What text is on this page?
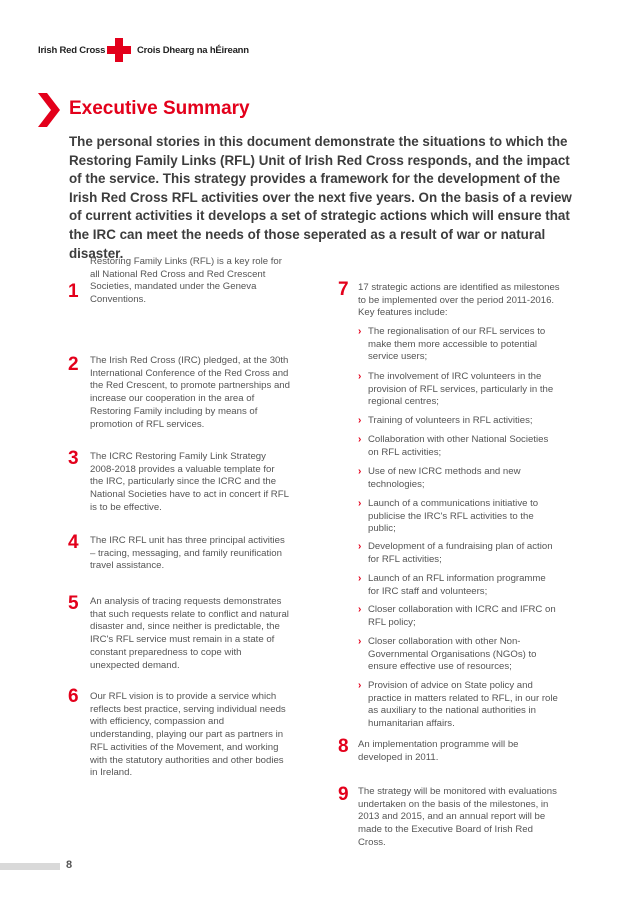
Irish Red Cross	Crois Dhearg na hÉireann
Executive Summary

The personal stories in this document demonstrate the situations to which the Restoring Family Links (RFL) Unit of Irish Red Cross responds, and the impact of the service. This strategy provides a framework for the development of the Irish Red Cross RFL activities over the next five years. On the basis of a review of current activities it develops a set of strategic actions which will ensure that the IRC can meet the needs of those seperated as a result of war or natural disaster.

1

Restoring Family Links (RFL) is a key role for all National Red Cross and Red Crescent Societies, mandated under the Geneva Conventions.

2 The Irish Red Cross (IRC) pledged, at the 30th International Conference of the Red Cross and the Red Crescent, to promote partnerships and increase our cooperation in the area of Restoring Family including by means of promotion of RFL services.

3 The ICRC Restoring Family Link Strategy 2008-2018 provides a valuable template for the IRC, particularly since the ICRC and the National Societies have to act in concert if RFL is to be effective.

4 The IRC RFL unit has three principal activities – tracing, messaging, and family reunification travel assistance.

5 An analysis of tracing requests demonstrates that such requests relate to conflict and natural disaster and, since neither is predictable, the IRC's RFL service must remain in a state of constant preparedness to cope with unexpected demand.

6 Our RFL vision is to provide a service which reflects best practice, serving individual needs with efficiency, compassion and understanding, playing our part as partners in RFL activities of the Movement, and working with the statutory authorities and other bodies in Ireland.

7 17 strategic actions are identified as milestones to be implemented over the period 2011-2016. Key features include:

› The regionalisation of our RFL services to make them more accessible to potential service users;

› The involvement of IRC volunteers in the provision of RFL services, particularly in the regional centres;

› Training of volunteers in RFL activities;

› Collaboration with other National Societies on RFL activities;

› Use of new ICRC methods and new technologies;

› Launch of a communications initiative to publicise the IRC's RFL activities to the public;

› Development of a fundraising plan of action for RFL activities;

› Launch of an RFL information programme for IRC staff and volunteers;

› Closer collaboration with ICRC and IFRC on RFL policy;

› Closer collaboration with other Non-Governmental Organisations (NGOs) to ensure effective use of resources;

› Provision of advice on State policy and practice in matters related to RFL, in our role as auxiliary to the national authorities in humanitarian affairs.

8 An implementation programme will be developed in 2011.

9 The strategy will be monitored with evaluations undertaken on the basis of the milestones, in 2013 and 2015, and an annual report will be made to the Executive Board of Irish Red Cross.

8
